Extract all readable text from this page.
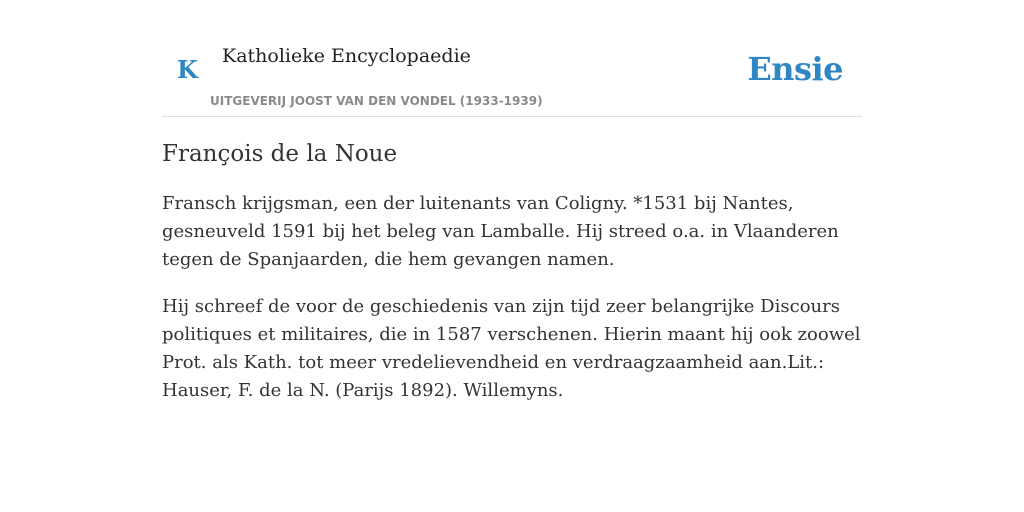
K Katholieke Encyclopaedie
UITGEVERIJ JOOST VAN DEN VONDEL (1933-1939)
Ensie
François de la Noue

Fransch krijgsman, een der luitenants van Coligny. *1531 bij Nantes, gesneuveld 1591 bij het beleg van Lamballe. Hij streed o.a. in Vlaanderen tegen de Spanjaarden, die hem gevangen namen.

Hij schreef de voor de geschiedenis van zijn tijd zeer belangrijke Discours politiques et militaires, die in 1587 verschenen. Hierin maant hij ook zoowel Prot. als Kath. tot meer vredelievendheid en verdraagzaamheid aan.Lit.: Hauser, F. de la N. (Parijs 1892). Willemyns.
